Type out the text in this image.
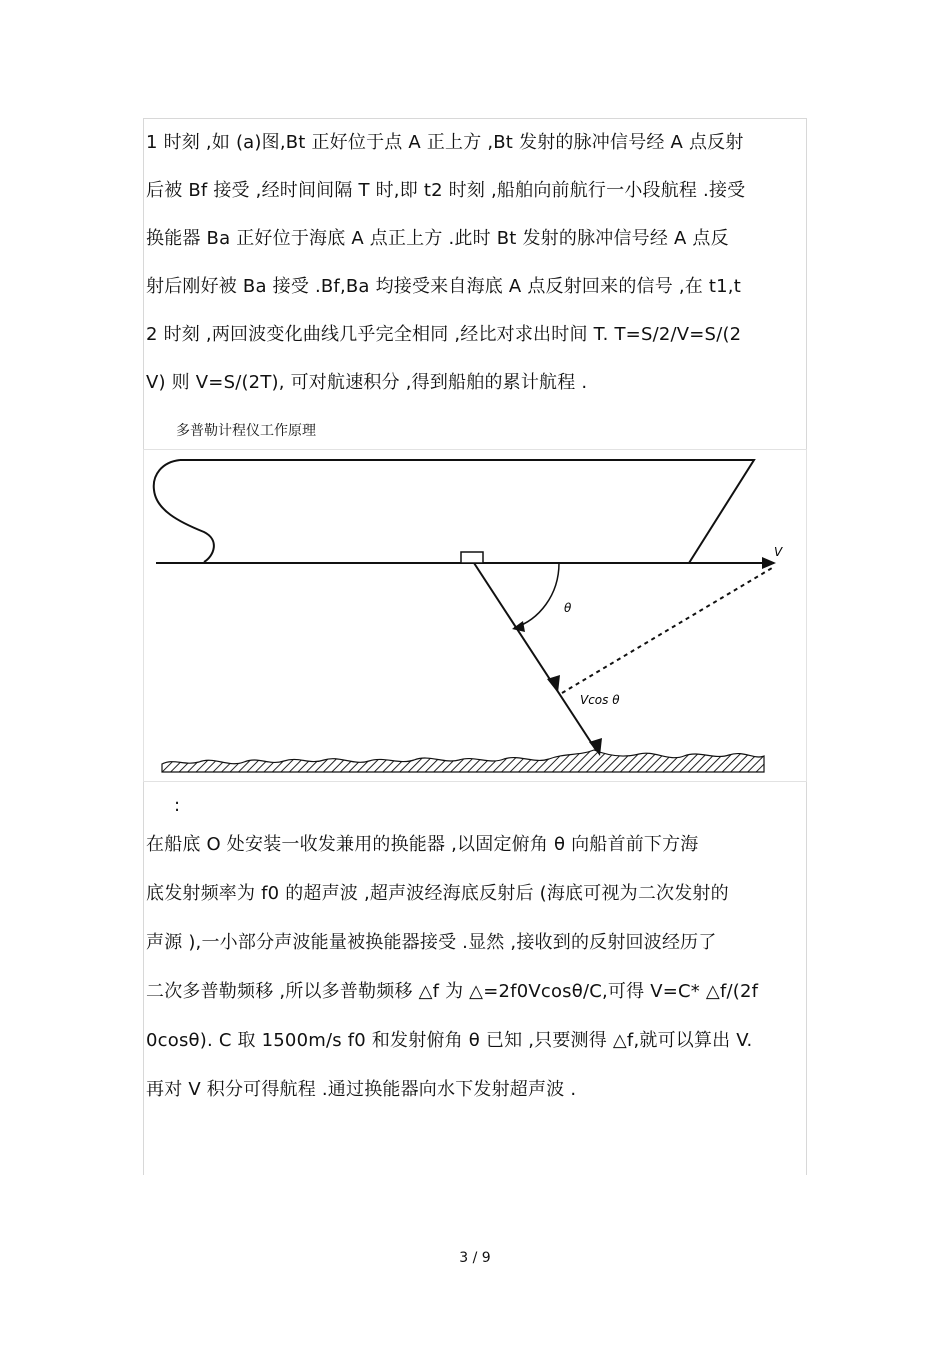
1 时刻 ,如 (a)图,Bt 正好位于点 A 正上方 ,Bt 发射的脉冲信号经 A 点反射
后被 Bf 接受 ,经时间间隔 T 时,即 t2 时刻 ,船舶向前航行一小段航程 .接受
换能器 Ba 正好位于海底 A 点正上方 .此时 Bt 发射的脉冲信号经 A 点反
射后刚好被 Ba 接受 .Bf,Ba 均接受来自海底 A 点反射回来的信号 ,在 t1,t
2 时刻 ,两回波变化曲线几乎完全相同 ,经比对求出时间 T. T=S/2/V=S/(2
V) 则 V=S/(2T), 可对航速积分 ,得到船舶的累计航程 .

多普勒计程仪工作原理

V
θ
Vcos θ

:

在船底 O 处安装一收发兼用的换能器 ,以固定俯角 θ 向船首前下方海
底发射频率为 f0 的超声波 ,超声波经海底反射后 (海底可视为二次发射的
声源 ),一小部分声波能量被换能器接受 .显然 ,接收到的反射回波经历了
二次多普勒频移 ,所以多普勒频移 △f 为 △=2f0Vcosθ/C,可得 V=C* △f/(2f
0cosθ). C 取 1500m/s f0 和发射俯角 θ 已知 ,只要测得 △f,就可以算出 V.
再对 V 积分可得航程 .通过换能器向水下发射超声波 .

3 / 9
